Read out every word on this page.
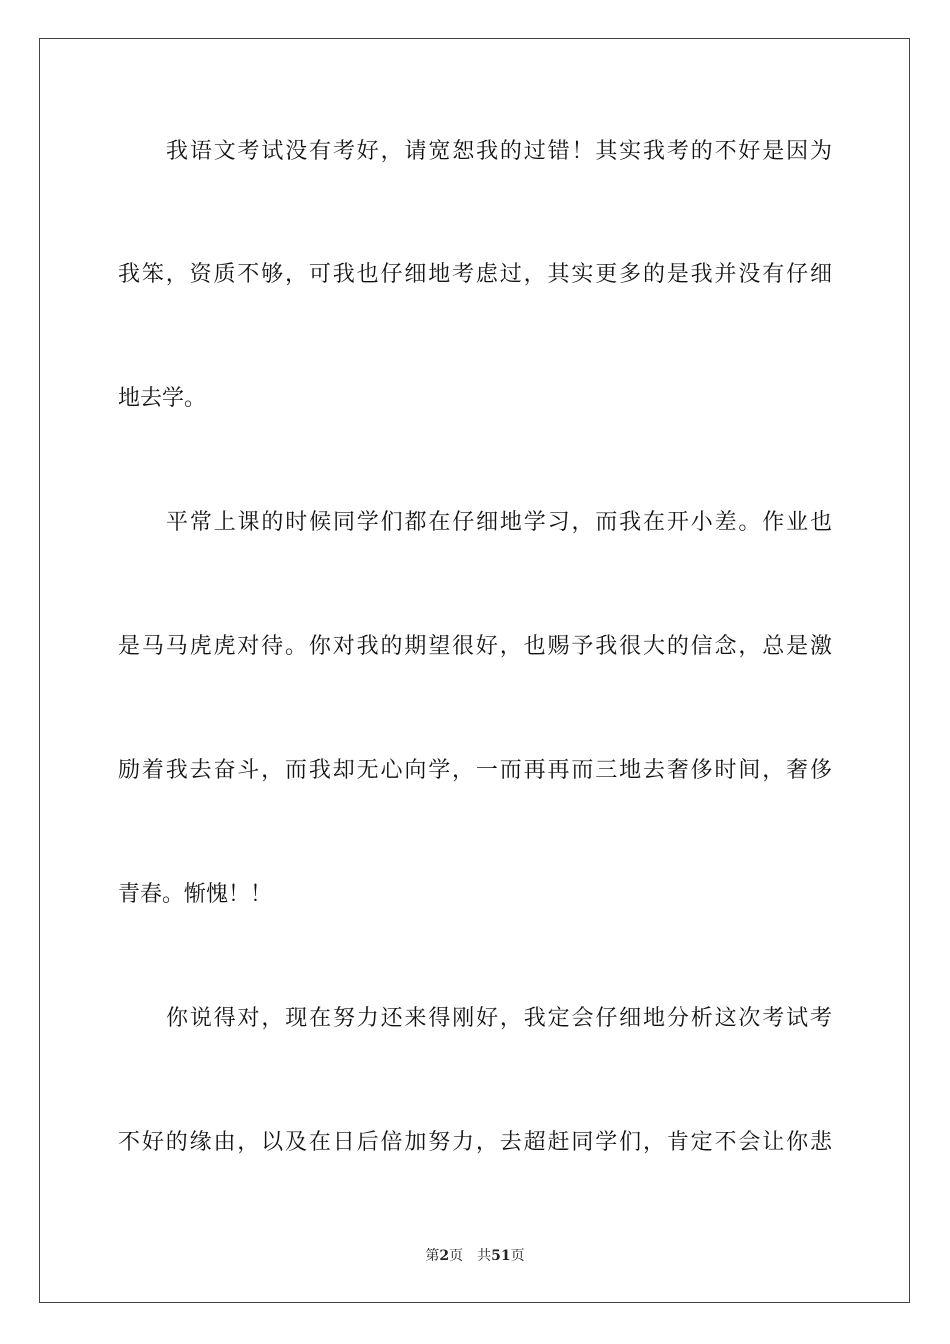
我语文考试没有考好，请宽恕我的过错！其实我考的不好是因为
我笨，资质不够，可我也仔细地考虑过，其实更多的是我并没有仔细
地去学。
平常上课的时候同学们都在仔细地学习，而我在开小差。作业也
是马马虎虎对待。你对我的期望很好，也赐予我很大的信念，总是激
励着我去奋斗，而我却无心向学，一而再再而三地去奢侈时间，奢侈
青春。惭愧！！
你说得对，现在努力还来得刚好，我定会仔细地分析这次考试考
不好的缘由，以及在日后倍加努力，去超赶同学们，肯定不会让你悲
第2页 共51页
